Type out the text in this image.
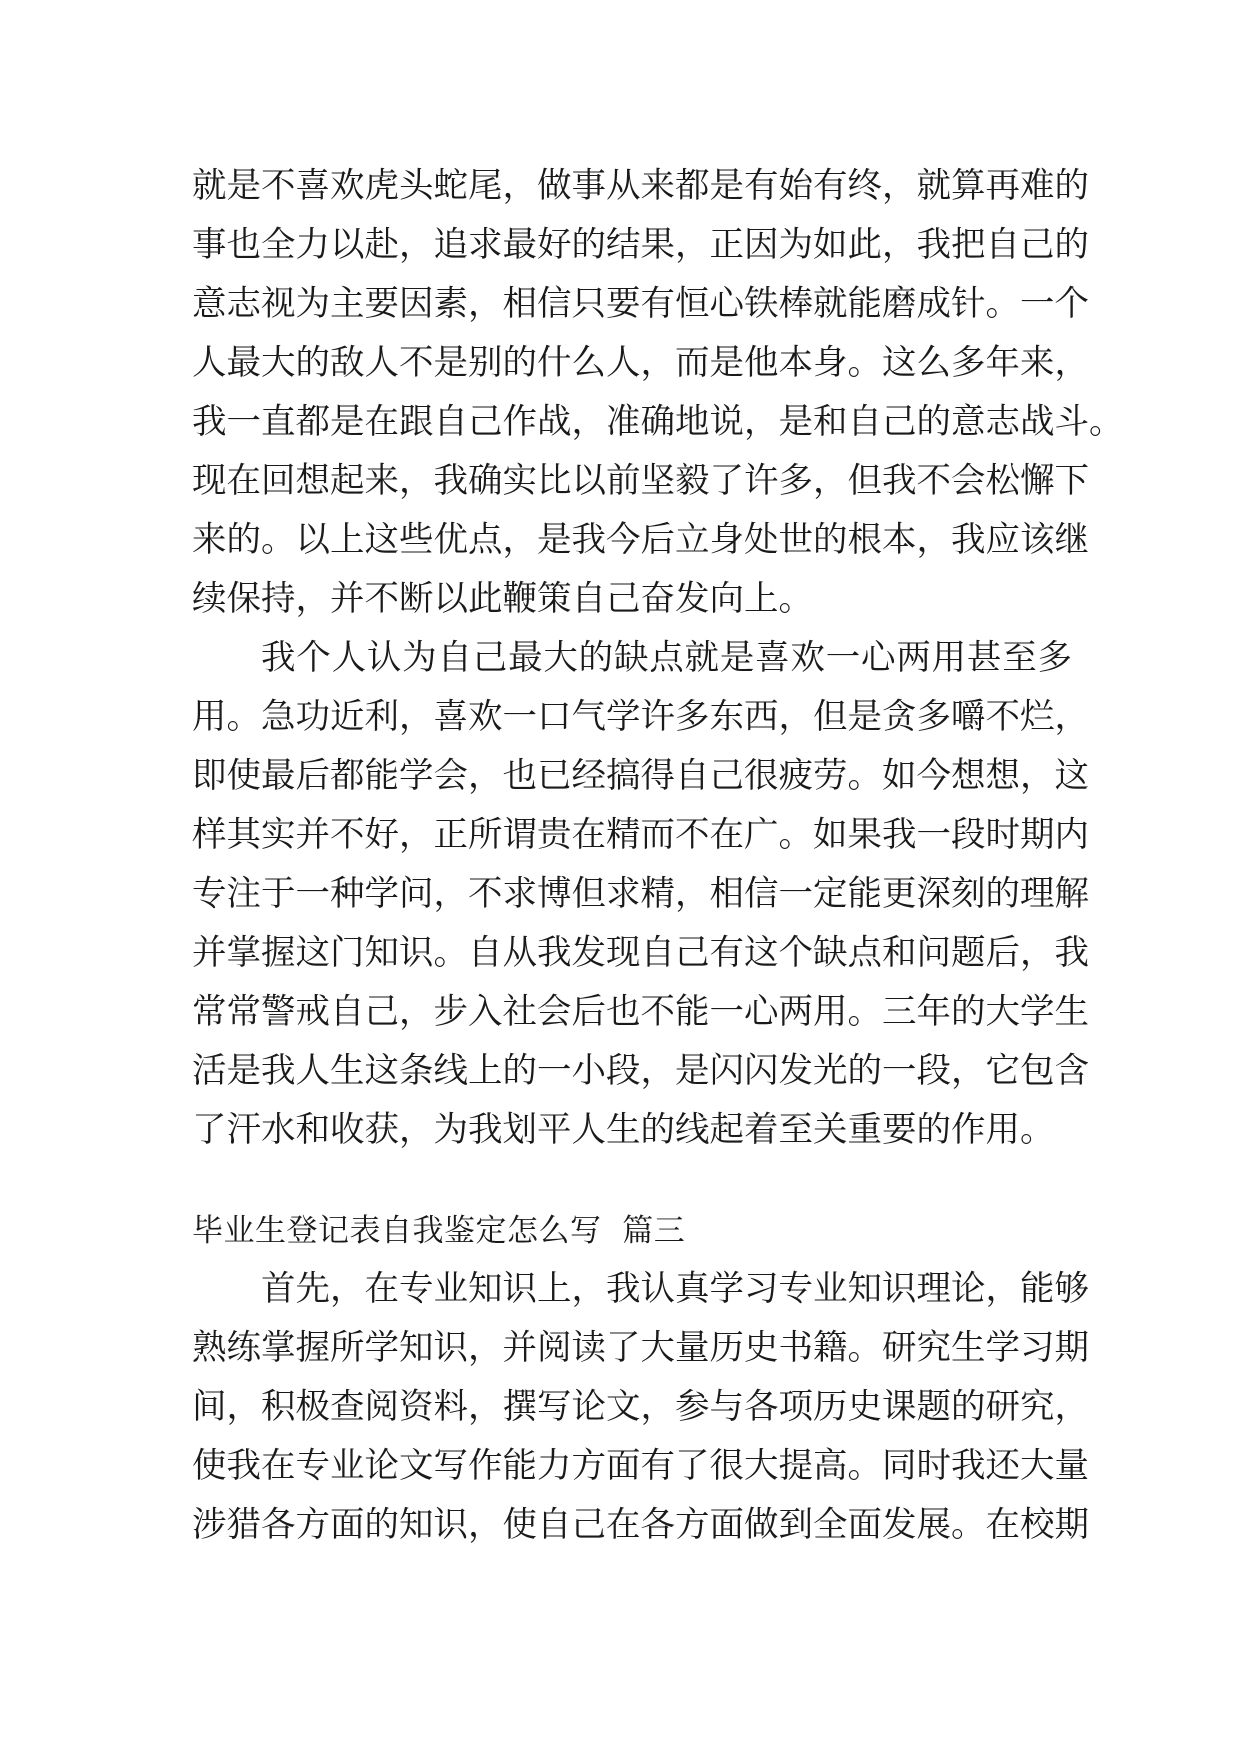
就是不喜欢虎头蛇尾，做事从来都是有始有终，就算再难的
事也全力以赴，追求最好的结果，正因为如此，我把自己的
意志视为主要因素，相信只要有恒心铁棒就能磨成针。一个
人最大的敌人不是别的什么人，而是他本身。这么多年来，
我一直都是在跟自己作战，准确地说，是和自己的意志战斗。
现在回想起来，我确实比以前坚毅了许多，但我不会松懈下
来的。以上这些优点，是我今后立身处世的根本，我应该继
续保持，并不断以此鞭策自己奋发向上。
我个人认为自己最大的缺点就是喜欢一心两用甚至多
用。急功近利，喜欢一口气学许多东西，但是贪多嚼不烂，
即使最后都能学会，也已经搞得自己很疲劳。如今想想，这
样其实并不好，正所谓贵在精而不在广。如果我一段时期内
专注于一种学问，不求博但求精，相信一定能更深刻的理解
并掌握这门知识。自从我发现自己有这个缺点和问题后，我
常常警戒自己，步入社会后也不能一心两用。三年的大学生
活是我人生这条线上的一小段，是闪闪发光的一段，它包含
了汗水和收获，为我划平人生的线起着至关重要的作用。
毕业生登记表自我鉴定怎么写  篇三
首先，在专业知识上，我认真学习专业知识理论，能够
熟练掌握所学知识，并阅读了大量历史书籍。研究生学习期
间，积极查阅资料，撰写论文，参与各项历史课题的研究，
使我在专业论文写作能力方面有了很大提高。同时我还大量
涉猎各方面的知识，使自己在各方面做到全面发展。在校期
